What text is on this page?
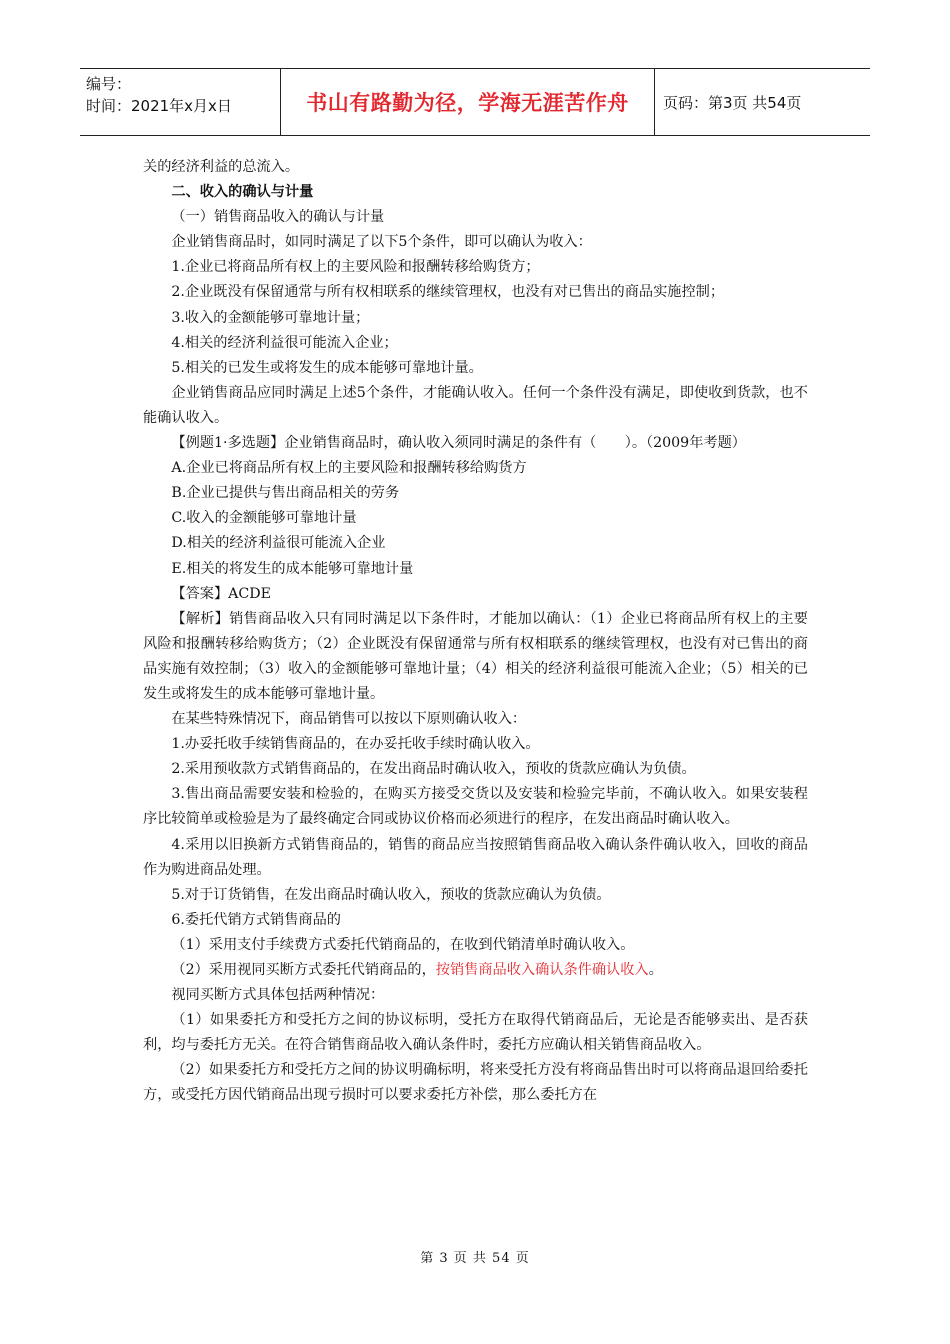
编号：
时间：2021年x月x日	书山有路勤为径，学海无涯苦作舟	页码：第3页 共54页

关的经济利益的总流入。

二、收入的确认与计量

（一）销售商品收入的确认与计量

企业销售商品时，如同时满足了以下5个条件，即可以确认为收入：

1.企业已将商品所有权上的主要风险和报酬转移给购货方；

2.企业既没有保留通常与所有权相联系的继续管理权，也没有对已售出的商品实施控制；

3.收入的金额能够可靠地计量；

4.相关的经济利益很可能流入企业；

5.相关的已发生或将发生的成本能够可靠地计量。

企业销售商品应同时满足上述5个条件，才能确认收入。任何一个条件没有满足，即使收到货款，也不能确认收入。

【例题1·多选题】企业销售商品时，确认收入须同时满足的条件有（　　）。（2009年考题）

A.企业已将商品所有权上的主要风险和报酬转移给购货方

B.企业已提供与售出商品相关的劳务

C.收入的金额能够可靠地计量

D.相关的经济利益很可能流入企业

E.相关的将发生的成本能够可靠地计量

【答案】ACDE

【解析】销售商品收入只有同时满足以下条件时，才能加以确认：（1）企业已将商品所有权上的主要风险和报酬转移给购货方；（2）企业既没有保留通常与所有权相联系的继续管理权，也没有对已售出的商品实施有效控制；（3）收入的金额能够可靠地计量；（4）相关的经济利益很可能流入企业；（5）相关的已发生或将发生的成本能够可靠地计量。

在某些特殊情况下，商品销售可以按以下原则确认收入：

1.办妥托收手续销售商品的，在办妥托收手续时确认收入。

2.采用预收款方式销售商品的，在发出商品时确认收入，预收的货款应确认为负债。

3.售出商品需要安装和检验的，在购买方接受交货以及安装和检验完毕前，不确认收入。如果安装程序比较简单或检验是为了最终确定合同或协议价格而必须进行的程序，在发出商品时确认收入。

4.采用以旧换新方式销售商品的，销售的商品应当按照销售商品收入确认条件确认收入，回收的商品作为购进商品处理。

5.对于订货销售，在发出商品时确认收入，预收的货款应确认为负债。

6.委托代销方式销售商品的

（1）采用支付手续费方式委托代销商品的，在收到代销清单时确认收入。

（2）采用视同买断方式委托代销商品的，按销售商品收入确认条件确认收入。

视同买断方式具体包括两种情况：

（1）如果委托方和受托方之间的协议标明，受托方在取得代销商品后，无论是否能够卖出、是否获利，均与委托方无关。在符合销售商品收入确认条件时，委托方应确认相关销售商品收入。

（2）如果委托方和受托方之间的协议明确标明，将来受托方没有将商品售出时可以将商品退回给委托方，或受托方因代销商品出现亏损时可以要求委托方补偿，那么委托方在

第 3 页 共 54 页
